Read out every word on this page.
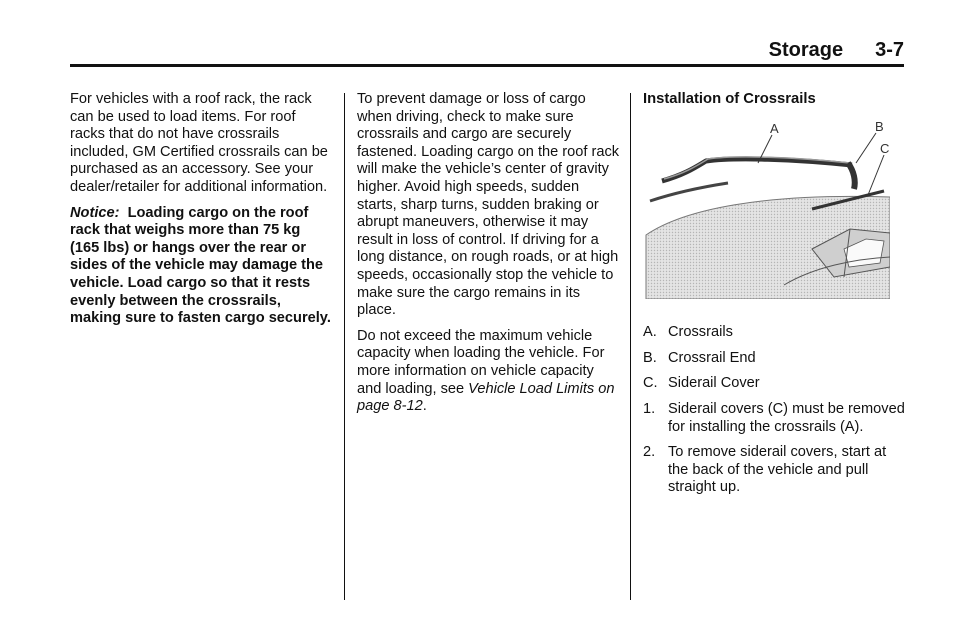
Storage 3-7

For vehicles with a roof rack, the rack can be used to load items. For roof racks that do not have crossrails included, GM Certified crossrails can be purchased as an accessory. See your dealer/retailer for additional information.

Notice: Loading cargo on the roof rack that weighs more than 75 kg (165 lbs) or hangs over the rear or sides of the vehicle may damage the vehicle. Load cargo so that it rests evenly between the crossrails, making sure to fasten cargo securely.

To prevent damage or loss of cargo when driving, check to make sure crossrails and cargo are securely fastened. Loading cargo on the roof rack will make the vehicle’s center of gravity higher. Avoid high speeds, sudden starts, sharp turns, sudden braking or abrupt maneuvers, otherwise it may result in loss of control. If driving for a long distance, on rough roads, or at high speeds, occasionally stop the vehicle to make sure the cargo remains in its place.

Do not exceed the maximum vehicle capacity when loading the vehicle. For more information on vehicle capacity and loading, see Vehicle Load Limits on page 8-12.

Installation of Crossrails

A	B
C
A. Crossrails
B. Crossrail End
C. Siderail Cover
1. Siderail covers (C) must be removed for installing the crossrails (A).
2. To remove siderail covers, start at the back of the vehicle and pull straight up.
